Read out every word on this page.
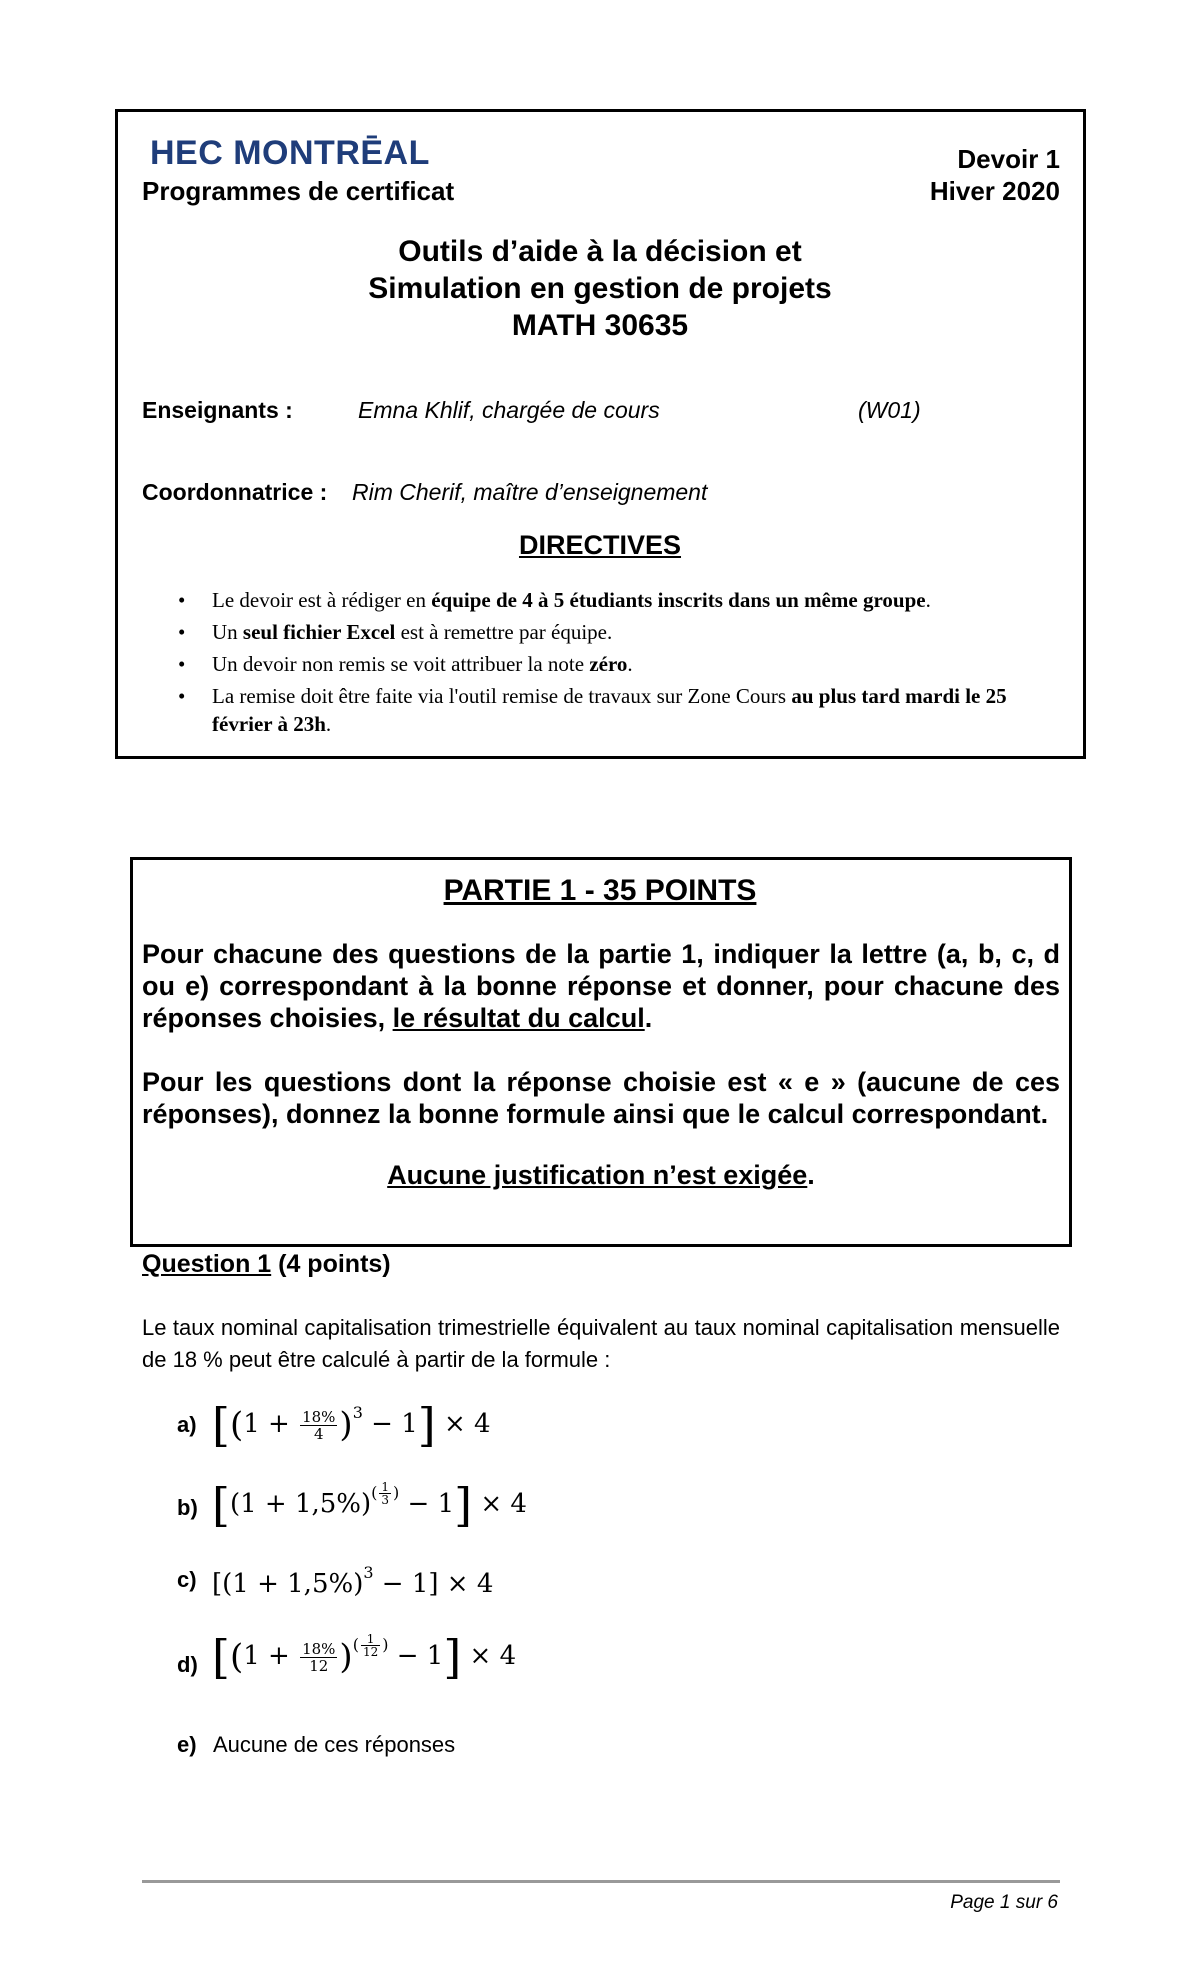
HEC MONTRĒAL	Devoir 1
Programmes de certificat	Hiver 2020
Outils d’aide à la décision et
Simulation en gestion de projets
MATH 30635
Enseignants :	Emna Khlif, chargée de cours	(W01)
Coordonnatrice : Rim Cherif, maître d’enseignement
DIRECTIVES
• Le devoir est à rédiger en équipe de 4 à 5 étudiants inscrits dans un même groupe.
• Un seul fichier Excel est à remettre par équipe.
• Un devoir non remis se voit attribuer la note zéro.
• La remise doit être faite via l'outil remise de travaux sur Zone Cours au plus tard mardi le 25 février à 23h.
PARTIE 1 - 35 POINTS
Pour chacune des questions de la partie 1, indiquer la lettre (a, b, c, d ou e) correspondant à la bonne réponse et donner, pour chacune des réponses choisies, le résultat du calcul.
Pour les questions dont la réponse choisie est « e » (aucune de ces réponses), donnez la bonne formule ainsi que le calcul correspondant.
Aucune justification n’est exigée.
Question 1 (4 points)
Le taux nominal capitalisation trimestrielle équivalent au taux nominal capitalisation mensuelle de 18 % peut être calculé à partir de la formule :
a) $[(1 + \frac{18\%}{4} )^3 - 1] \times 4$
b) $[(1 + 1,5\%)^{( \frac{1}{3} )} - 1] \times 4$
c) $[(1 + 1,5\%)^3 - 1] \times 4$
d) $[(1 + \frac{18\%}{12} )^{( \frac{1}{12} )} - 1] \times 4$
e) Aucune de ces réponses
Page 1 sur 6
